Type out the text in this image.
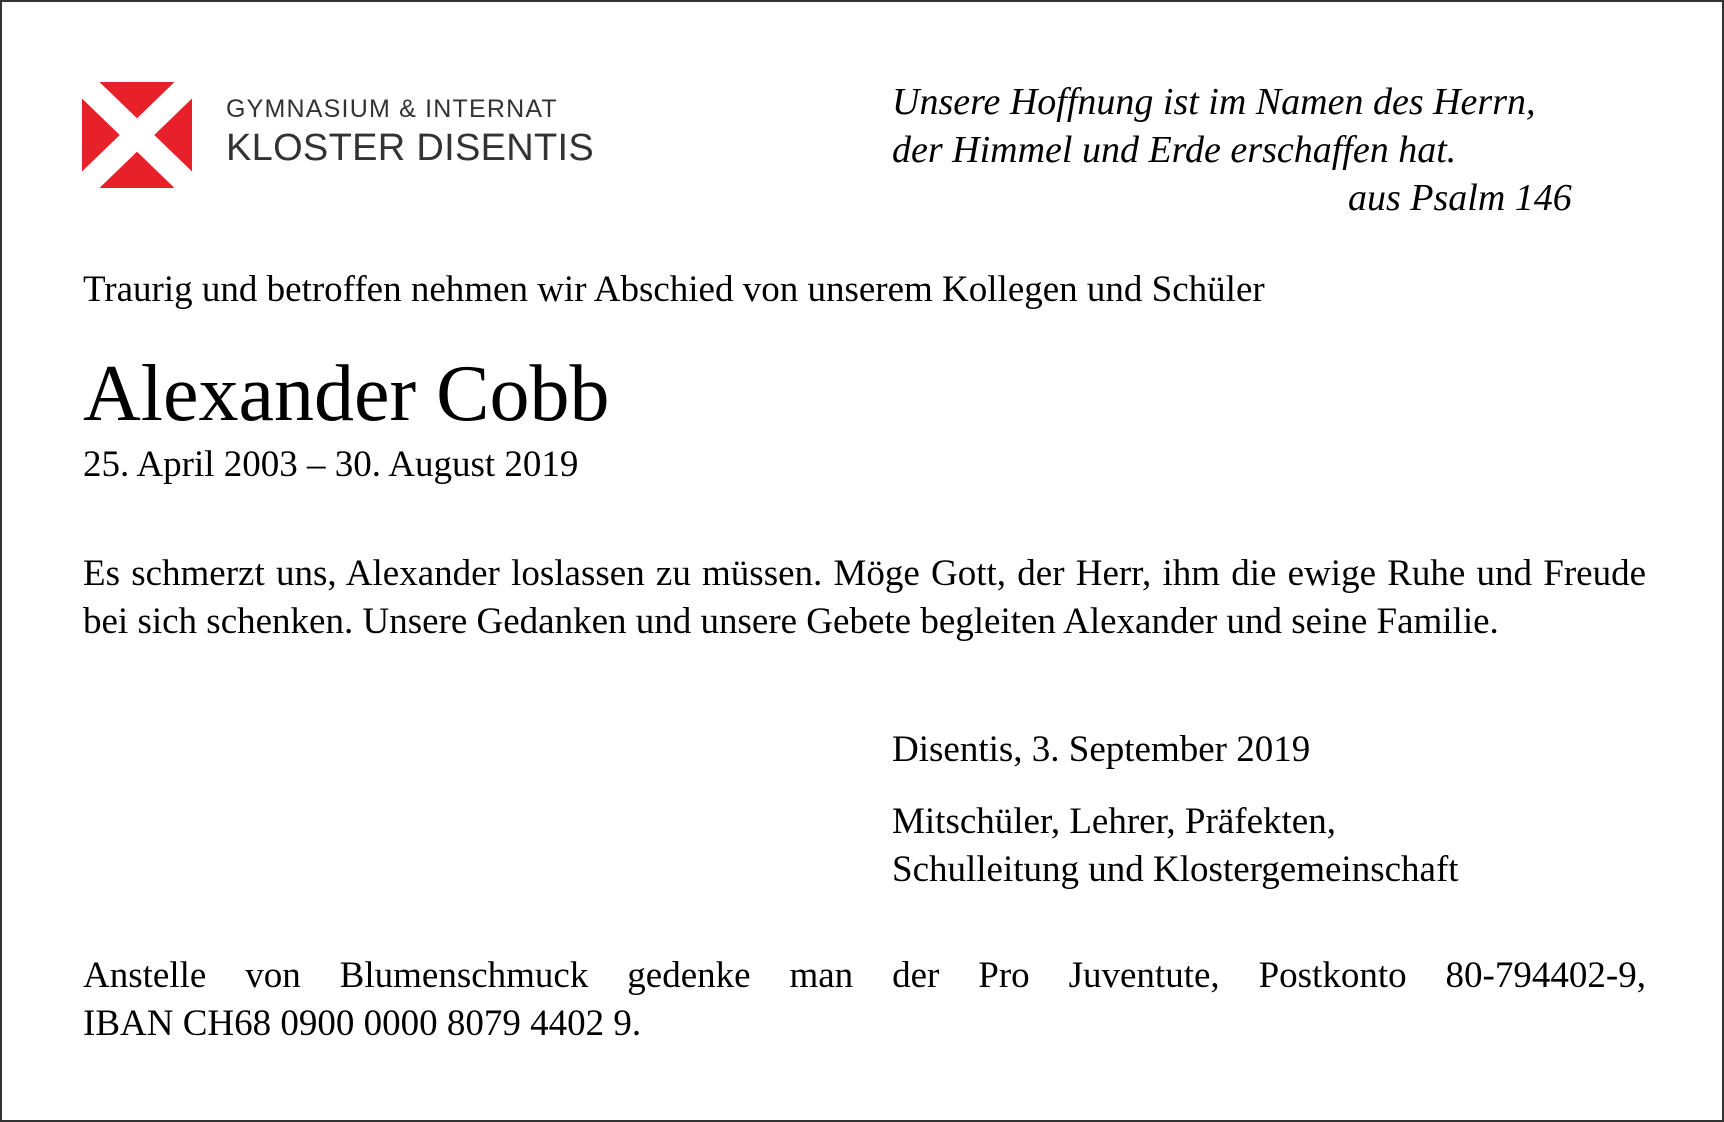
GYMNASIUM & INTERNAT
KLOSTER DISENTIS
Unsere Hoffnung ist im Namen des Herrn,
der Himmel und Erde erschaffen hat.
aus Psalm 146
Traurig und betroffen nehmen wir Abschied von unserem Kollegen und Schüler
Alexander Cobb
25. April 2003 – 30. August 2019
Es schmerzt uns, Alexander loslassen zu müssen. Möge Gott, der Herr, ihm die ewige Ruhe und Freude bei sich schenken. Unsere Gedanken und unsere Gebete begleiten Alexander und seine Familie.
Disentis, 3. September 2019
Mitschüler, Lehrer, Präfekten,
Schulleitung und Klostergemeinschaft
Anstelle von Blumenschmuck gedenke man der Pro Juventute, Postkonto 80-794402-9,
IBAN CH68 0900 0000 8079 4402 9.
